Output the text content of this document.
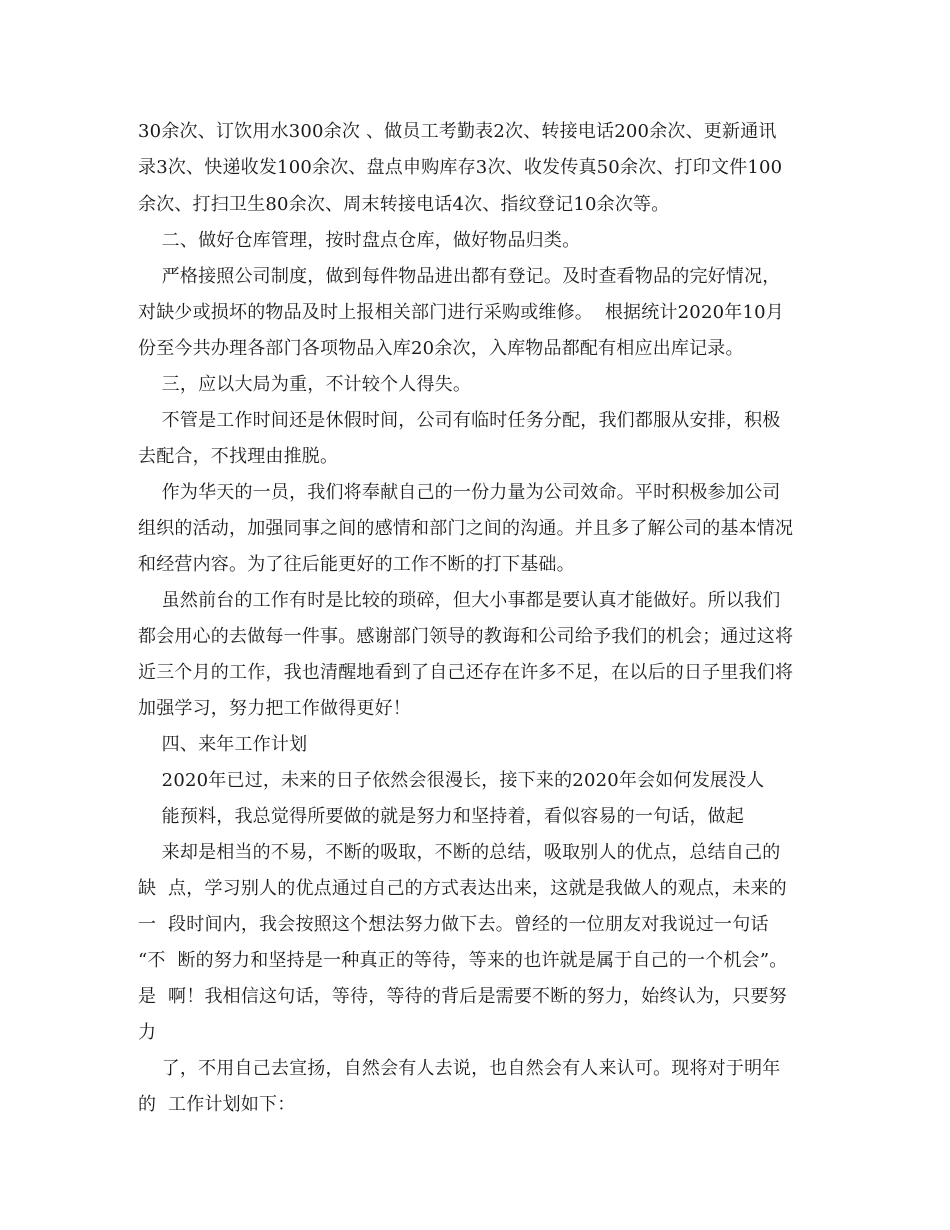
30余次、订饮用水300余次 、做员工考勤表2次、转接电话200余次、更新通讯
录3次、快递收发100余次、盘点申购库存3次、收发传真50余次、打印文件100
余次、打扫卫生80余次、周末转接电话4次、指纹登记10余次等。
二、做好仓库管理，按时盘点仓库，做好物品归类。
严格接照公司制度，做到每件物品进出都有登记。及时查看物品的完好情况，
对缺少或损坏的物品及时上报相关部门进行采购或维修。  根据统计2020年10月
份至今共办理各部门各项物品入库20余次，入库物品都配有相应出库记录。
三，应以大局为重，不计较个人得失。
不管是工作时间还是休假时间，公司有临时任务分配，我们都服从安排，积极
去配合，不找理由推脱。
作为华天的一员，我们将奉献自己的一份力量为公司效命。平时积极参加公司
组织的活动，加强同事之间的感情和部门之间的沟通。并且多了解公司的基本情况
和经营内容。为了往后能更好的工作不断的打下基础。
虽然前台的工作有时是比较的琐碎，但大小事都是要认真才能做好。所以我们
都会用心的去做每一件事。感谢部门领导的教诲和公司给予我们的机会；通过这将
近三个月的工作，我也清醒地看到了自己还存在许多不足，在以后的日子里我们将
加强学习，努力把工作做得更好！
四、来年工作计划
2020年已过，未来的日子依然会很漫长，接下来的2020年会如何发展没人
能预料，我总觉得所要做的就是努力和坚持着，看似容易的一句话，做起
来却是相当的不易，不断的吸取，不断的总结，吸取别人的优点，总结自己的
缺  点，学习别人的优点通过自己的方式表达出来，这就是我做人的观点，未来的
一  段时间内，我会按照这个想法努力做下去。曾经的一位朋友对我说过一句话
“不  断的努力和坚持是一种真正的等待，等来的也许就是属于自己的一个机会”。
是  啊！我相信这句话，等待，等待的背后是需要不断的努力，始终认为，只要努
力
了，不用自己去宣扬，自然会有人去说，也自然会有人来认可。现将对于明年
的  工作计划如下：
